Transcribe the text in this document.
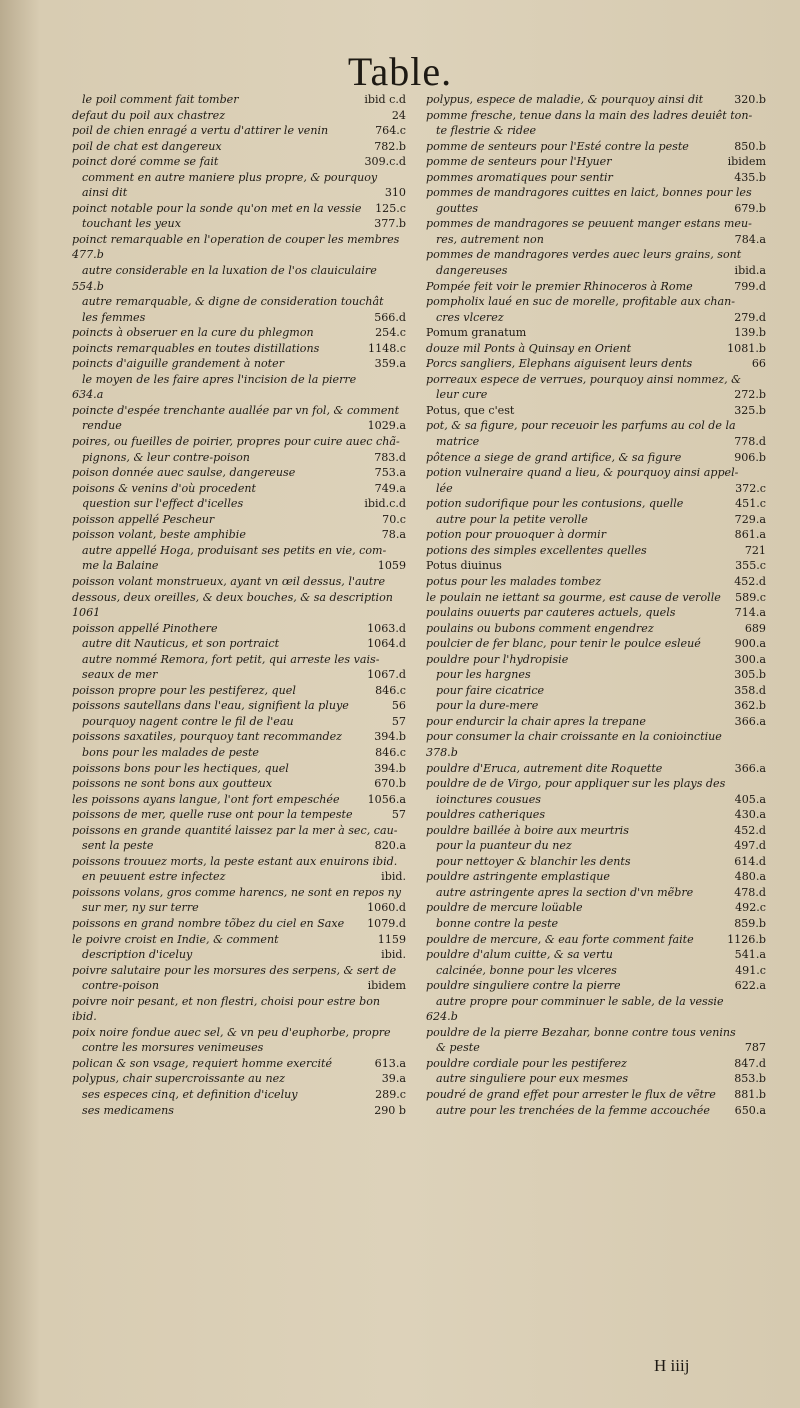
Table.
le poil comment fait tomber	ibid c.d
defaut du poil aux chastrez	24
poil de chien enragé a vertu d'attirer le venin	764.c
poil de chat est dangereux	782.b
poinct doré comme se fait	309.c.d
comment en autre maniere plus propre, & pourquoy
ainsi dit	310
poinct notable pour la sonde qu'on met en la vessie	125.c
touchant les yeux	377.b
poinct remarquable en l'operation de couper les membres
477.b
autre considerable en la luxation de l'os clauiculaire
554.b
autre remarquable, & digne de consideration touchât
les femmes	566.d
poincts à obseruer en la cure du phlegmon	254.c
poincts remarquables en toutes distillations	1148.c
poincts d'aiguille grandement à noter	359.a
le moyen de les faire apres l'incision de la pierre
634.a
poincte d'espée trenchante auallée par vn fol, & comment
rendue	1029.a
poires, ou fueilles de poirier, propres pour cuire auec chã-
pignons, & leur contre-poison	783.d
poison donnée auec saulse, dangereuse	753.a
poisons & venins d'où procedent	749.a
question sur l'effect d'icelles	ibid.c.d
poisson appellé Pescheur	70.c
poisson volant, beste amphibie	78.a
autre appellé Hoga, produisant ses petits en vie, com-
me la Balaine	1059
poisson volant monstrueux, ayant vn œil dessus, l'autre
dessous, deux oreilles, & deux bouches, & sa description
1061
poisson appellé Pinothere	1063.d
autre dit Nauticus, et son portraict	1064.d
autre nommé Remora, fort petit, qui arreste les vais-
seaux de mer	1067.d
poisson propre pour les pestiferez, quel	846.c
poissons sautellans dans l'eau, signifient la pluye	56
pourquoy nagent contre le fil de l'eau	57
poissons saxatiles, pourquoy tant recommandez	394.b
bons pour les malades de peste	846.c
poissons bons pour les hectiques, quel	394.b
poissons ne sont bons aux goutteux	670.b
les poissons ayans langue, l'ont fort empeschée	1056.a
poissons de mer, quelle ruse ont pour la tempeste	57
poissons en grande quantité laissez par la mer à sec, cau-
sent la peste	820.a
poissons trouuez morts, la peste estant aux enuirons ibid.
en peuuent estre infectez	ibid.
poissons volans, gros comme harencs, ne sont en repos ny
sur mer, ny sur terre	1060.d
poissons en grand nombre tõbez du ciel en Saxe	1079.d
le poivre croist en Indie, & comment	1159
description d'iceluy	ibid.
poivre salutaire pour les morsures des serpens, & sert de
contre-poison	ibidem
poivre noir pesant, et non flestri, choisi pour estre bon
ibid.
poix noire fondue auec sel, & vn peu d'euphorbe, propre
contre les morsures venimeuses
polican & son vsage, requiert homme exercité	613.a
polypus, chair supercroissante au nez	39.a
ses especes cinq, et definition d'iceluy	289.c
ses medicamens	290 b
polypus, espece de maladie, & pourquoy ainsi dit	320.b
pomme fresche, tenue dans la main des ladres deuiêt ton-
te flestrie & ridee
pomme de senteurs pour l'Esté contre la peste	850.b
pomme de senteurs pour l'Hyuer	ibidem
pommes aromatiques pour sentir	435.b
pommes de mandragores cuittes en laict, bonnes pour les
gouttes	679.b
pommes de mandragores se peuuent manger estans meu-
res, autrement non	784.a
pommes de mandragores verdes auec leurs grains, sont
dangereuses	ibid.a
Pompée feit voir le premier Rhinoceros à Rome	799.d
pompholix laué en suc de morelle, profitable aux chan-
cres vlcerez	279.d
Pomum granatum	139.b
douze mil Ponts à Quinsay en Orient	1081.b
Porcs sangliers, Elephans aiguisent leurs dents	66
porreaux espece de verrues, pourquoy ainsi nommez, &
leur cure	272.b
Potus, que c'est	325.b
pot, & sa figure, pour receuoir les parfums au col de la
matrice	778.d
pôtence a siege de grand artifice, & sa figure	906.b
potion vulneraire quand a lieu, & pourquoy ainsi appel-
lée	372.c
potion sudorifique pour les contusions, quelle	451.c
autre pour la petite verolle	729.a
potion pour prouoquer à dormir	861.a
potions des simples excellentes quelles	721
Potus diuinus	355.c
potus pour les malades tombez	452.d
le poulain ne iettant sa gourme, est cause de verolle	589.c
poulains ouuerts par cauteres actuels, quels	714.a
poulains ou bubons comment engendrez	689
poulcier de fer blanc, pour tenir le poulce esleué	900.a
pouldre pour l'hydropisie	300.a
pour les hargnes	305.b
pour faire cicatrice	358.d
pour la dure-mere	362.b
pour endurcir la chair apres la trepane	366.a
pour consumer la chair croissante en la conioinctiue
378.b
pouldre d'Eruca, autrement dite Roquette	366.a
pouldre de de Virgo, pour appliquer sur les plays des
ioinctures cousues	405.a
pouldres catheriques	430.a
pouldre baillée à boire aux meurtris	452.d
pour la puanteur du nez	497.d
pour nettoyer & blanchir les dents	614.d
pouldre astringente emplastique	480.a
autre astringente apres la section d'vn mẽbre	478.d
pouldre de mercure loüable	492.c
bonne contre la peste	859.b
pouldre de mercure, & eau forte comment faite	1126.b
pouldre d'alum cuitte, & sa vertu	541.a
calcinée, bonne pour les vlceres	491.c
pouldre singuliere contre la pierre	622.a
autre propre pour comminuer le sable, de la vessie
624.b
pouldre de la pierre Bezahar, bonne contre tous venins
& peste	787
pouldre cordiale pour les pestiferez	847.d
autre singuliere pour eux mesmes	853.b
poudré de grand effet pour arrester le flux de vẽtre	881.b
autre pour les trenchées de la femme accouchée	650.a
H iiij
